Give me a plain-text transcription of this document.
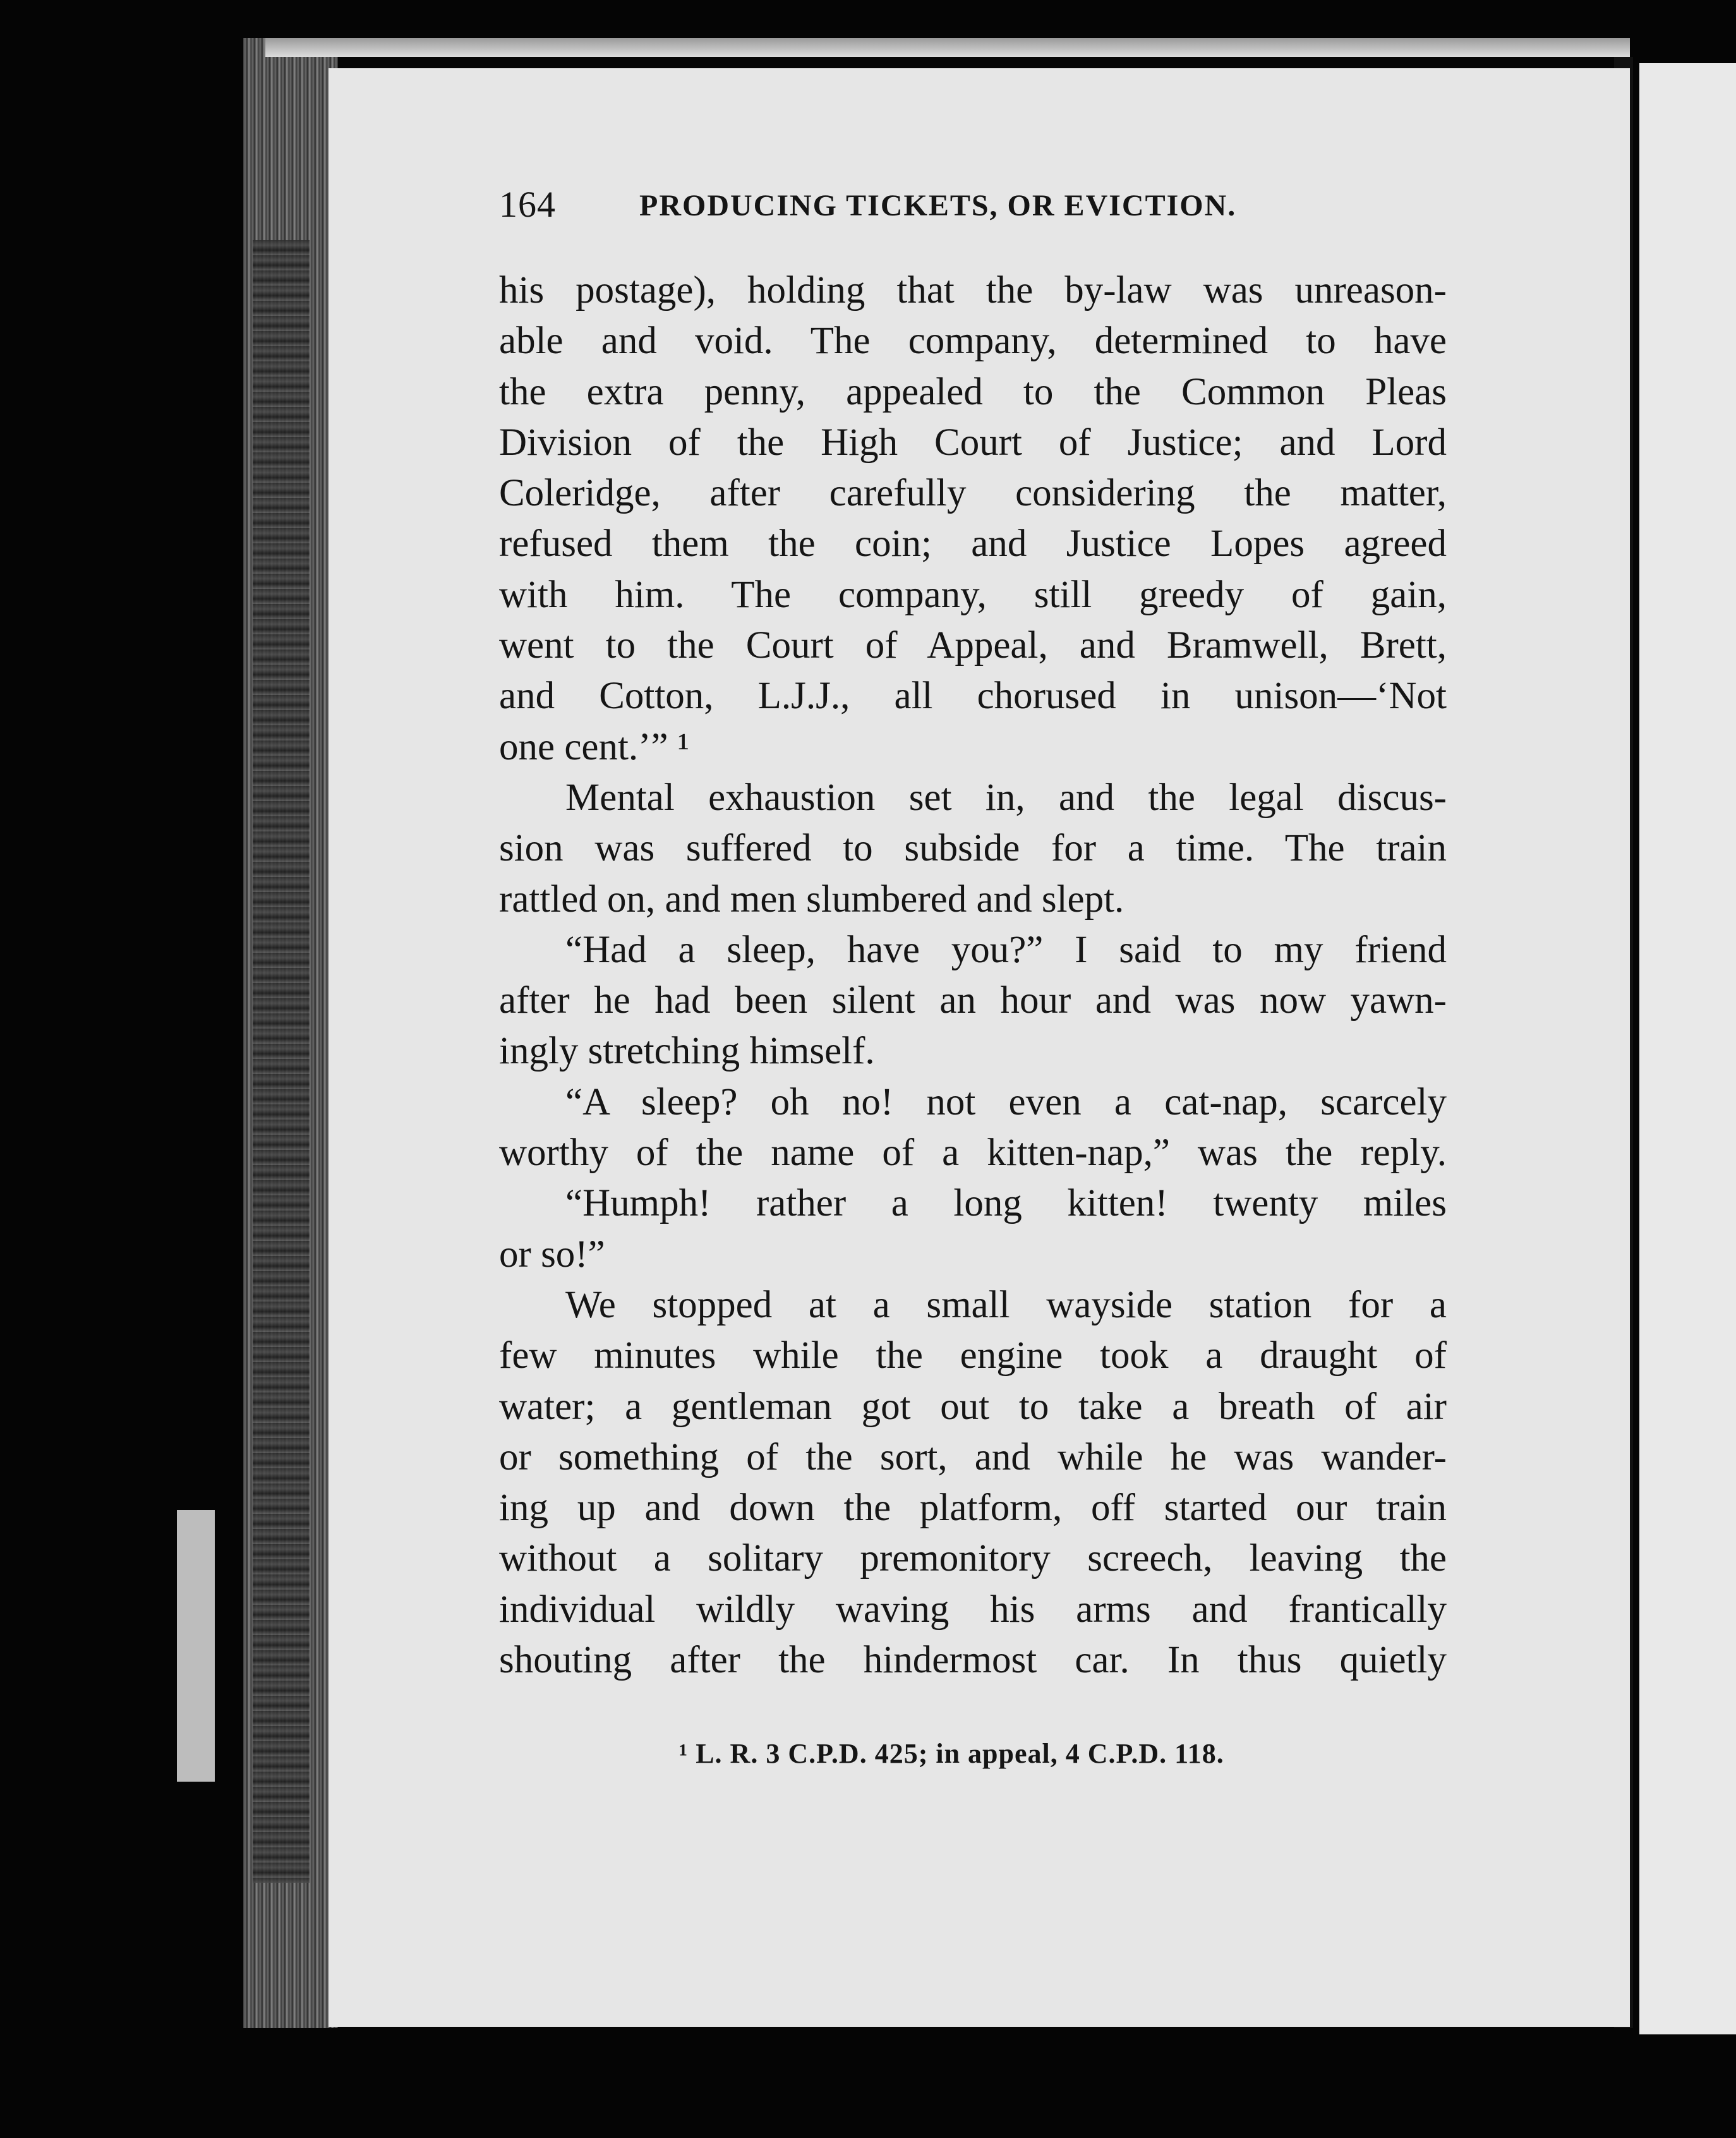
164	PRODUCING TICKETS, OR EVICTION.
his postage), holding that the by-law was unreason-
able and void. The company, determined to have
the extra penny, appealed to the Common Pleas
Division of the High Court of Justice; and Lord
Coleridge, after carefully considering the matter,
refused them the coin; and Justice Lopes agreed
with him. The company, still greedy of gain,
went to the Court of Appeal, and Bramwell, Brett,
and Cotton, L.J.J., all chorused in unison—‘Not
one cent.’” ¹
Mental exhaustion set in, and the legal discus-
sion was suffered to subside for a time. The train
rattled on, and men slumbered and slept.
“Had a sleep, have you?” I said to my friend
after he had been silent an hour and was now yawn-
ingly stretching himself.
“A sleep? oh no! not even a cat-nap, scarcely
worthy of the name of a kitten-nap,” was the reply.
“Humph! rather a long kitten! twenty miles
or so!”
We stopped at a small wayside station for a
few minutes while the engine took a draught of
water; a gentleman got out to take a breath of air
or something of the sort, and while he was wander-
ing up and down the platform, off started our train
without a solitary premonitory screech, leaving the
individual wildly waving his arms and frantically
shouting after the hindermost car. In thus quietly
¹ L. R. 3 C.P.D. 425; in appeal, 4 C.P.D. 118.
